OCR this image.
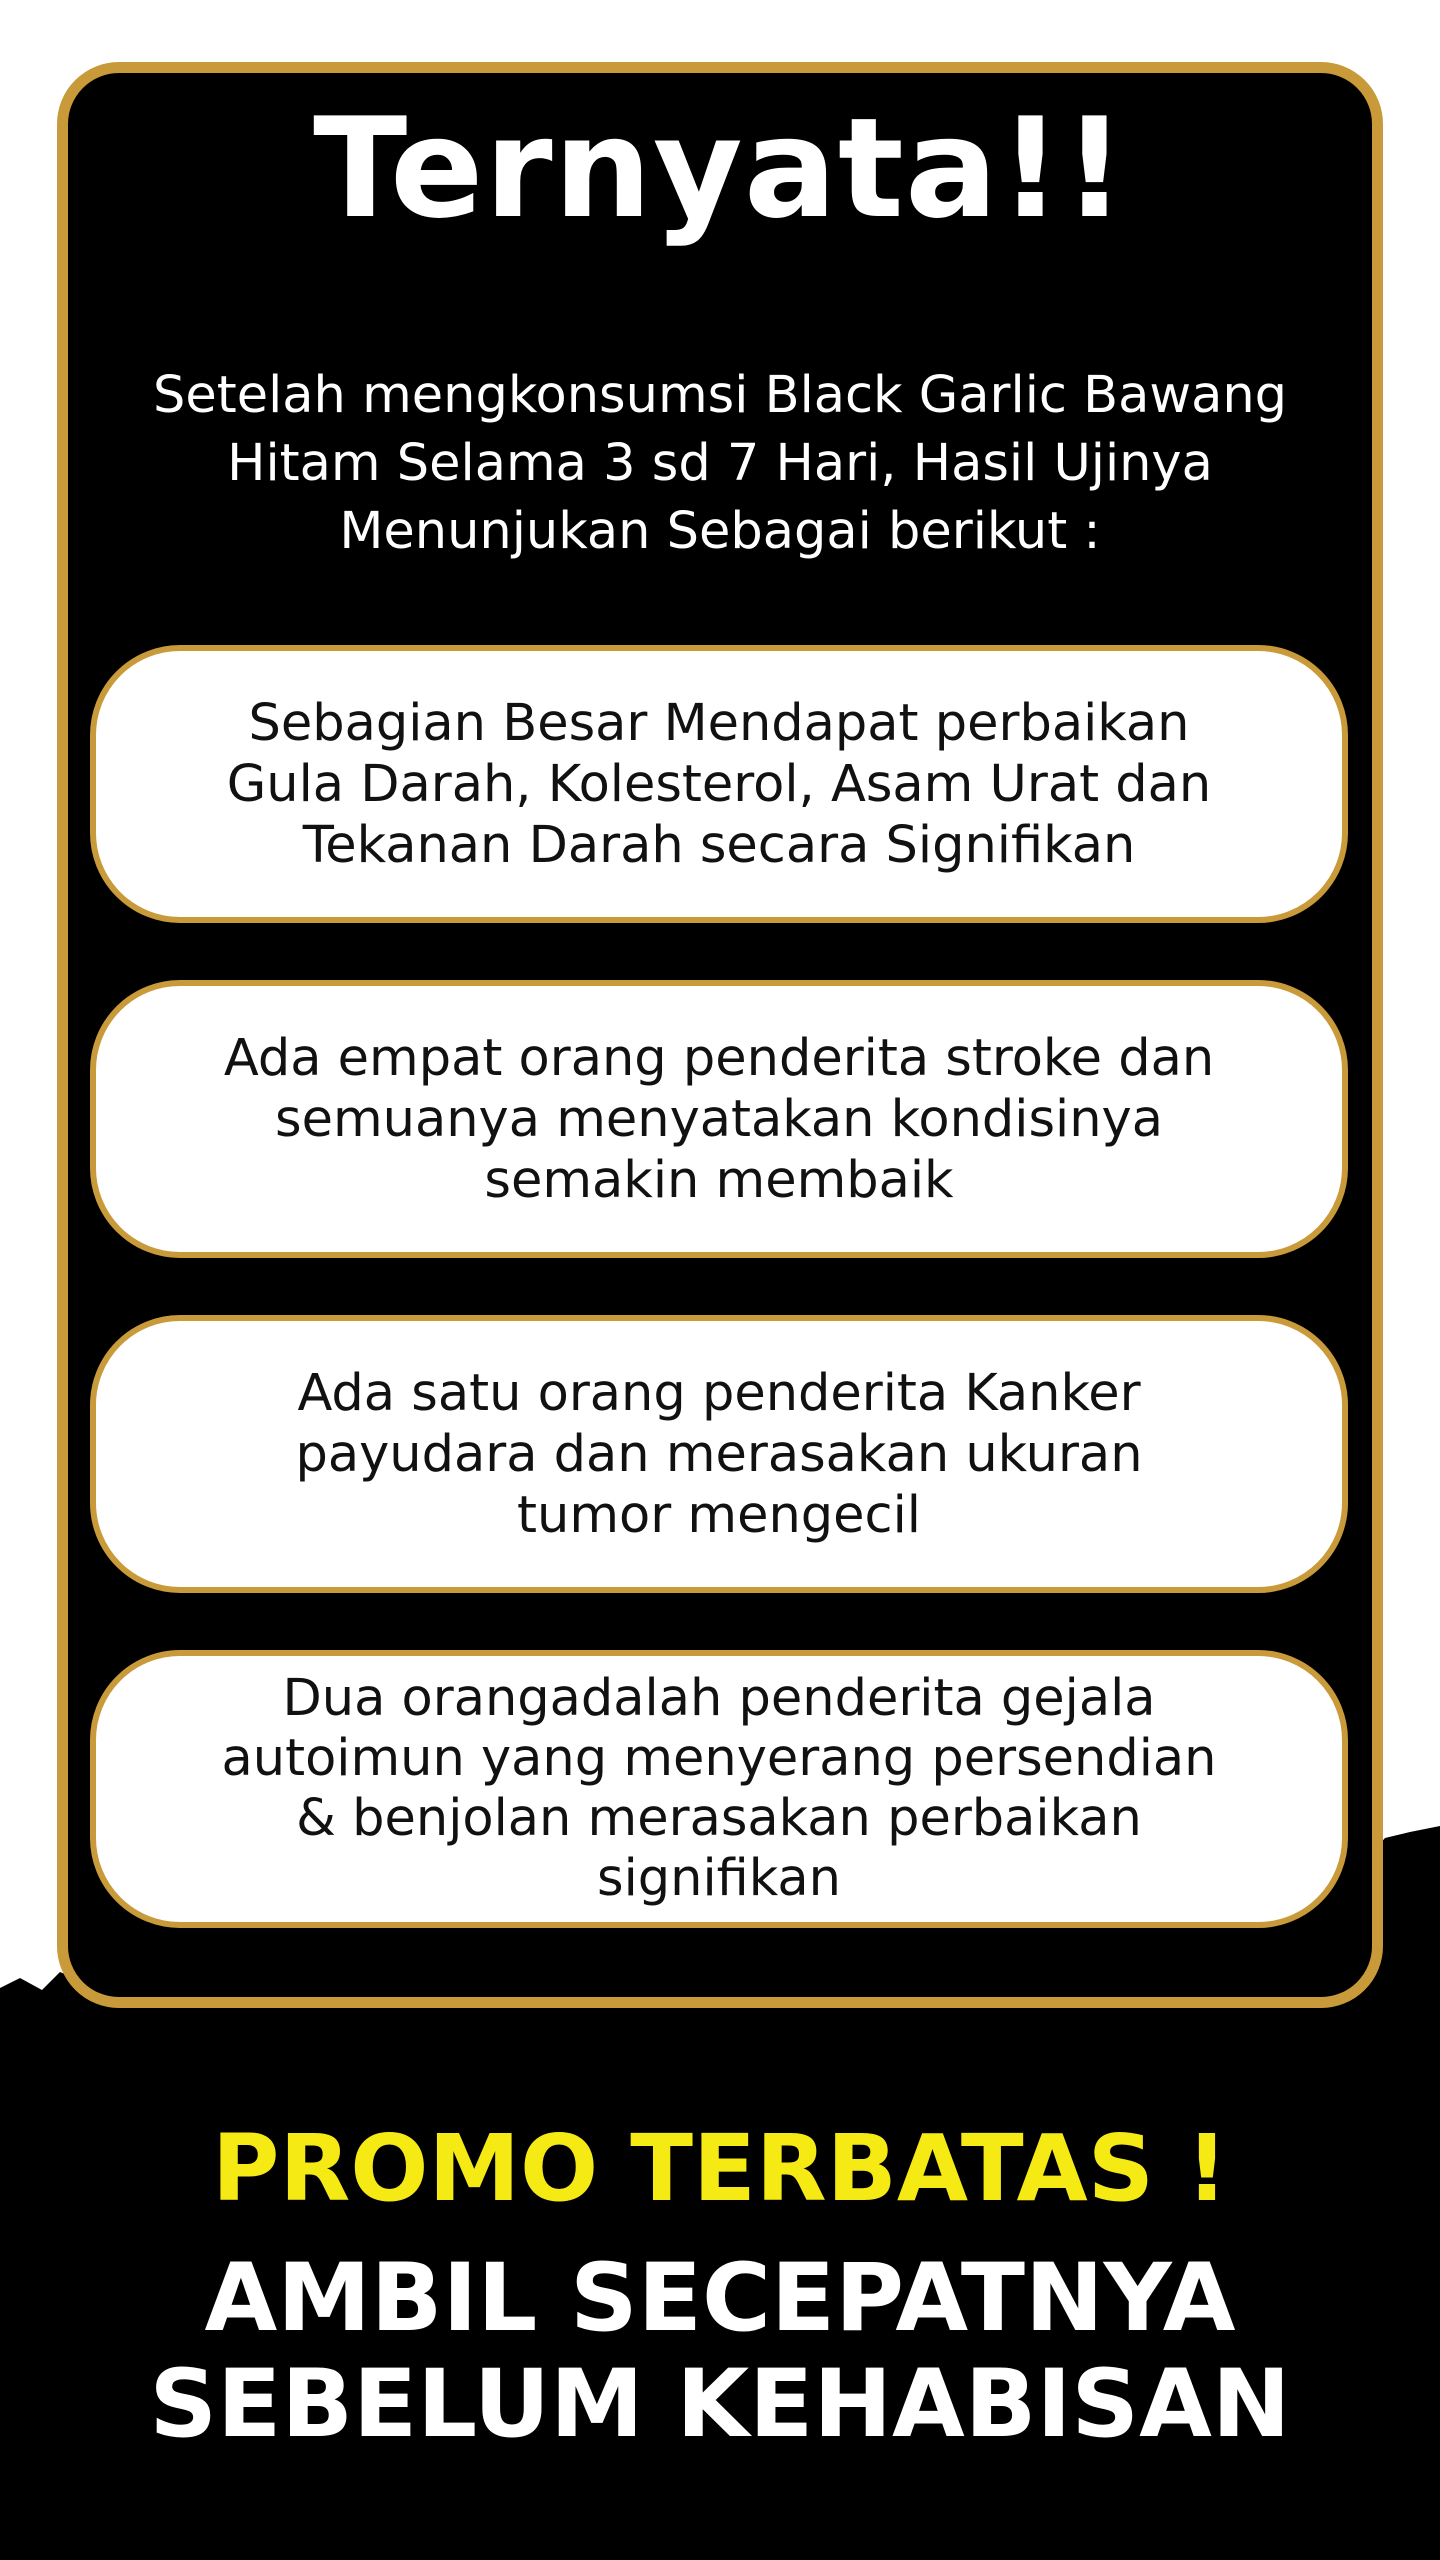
Ternyata!!
Setelah mengkonsumsi Black Garlic Bawang Hitam Selama 3 sd 7 Hari, Hasil Ujinya Menunjukan Sebagai berikut :
Sebagian Besar Mendapat perbaikan Gula Darah, Kolesterol, Asam Urat dan Tekanan Darah secara Signifikan
Ada empat orang penderita stroke dan semuanya menyatakan kondisinya semakin membaik
Ada satu orang penderita Kanker payudara dan merasakan ukuran tumor mengecil
Dua orangadalah penderita gejala autoimun yang menyerang persendian & benjolan merasakan perbaikan signifikan
PROMO TERBATAS !
AMBIL SECEPATNYA
SEBELUM KEHABISAN
